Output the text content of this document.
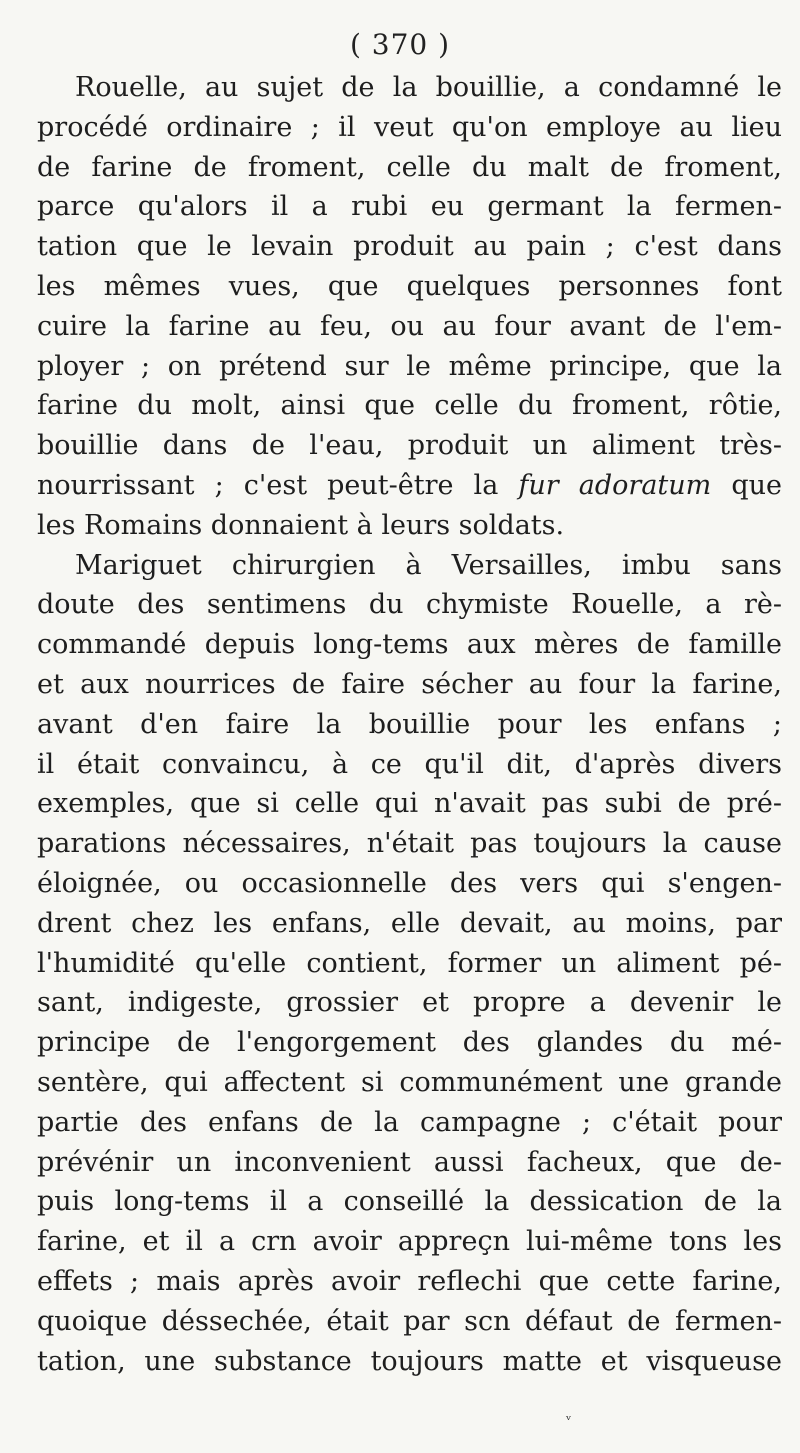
( 370 )
Rouelle, au sujet de la bouillie, a condamné le
procédé ordinaire ; il veut qu'on employe au lieu
de farine de froment, celle du malt de froment,
parce qu'alors il a rubi eu germant la fermen-
tation que le levain produit au pain ; c'est dans
les mêmes vues, que quelques personnes font
cuire la farine au feu, ou au four avant de l'em-
ployer ; on prétend sur le même principe, que la
farine du molt, ainsi que celle du froment, rôtie,
bouillie dans de l'eau, produit un aliment très-
nourrissant ; c'est peut-être la fur adoratum que
les Romains donnaient à leurs soldats.
Mariguet chirurgien à Versailles, imbu sans
doute des sentimens du chymiste Rouelle, a rè-
commandé depuis long-tems aux mères de famille
et aux nourrices de faire sécher au four la farine,
avant d'en faire la bouillie pour les enfans ;
il était convaincu, à ce qu'il dit, d'après divers
exemples, que si celle qui n'avait pas subi de pré-
parations nécessaires, n'était pas toujours la cause
éloignée, ou occasionnelle des vers qui s'engen-
drent chez les enfans, elle devait, au moins, par
l'humidité qu'elle contient, former un aliment pé-
sant, indigeste, grossier et propre a devenir le
principe de l'engorgement des glandes du mé-
sentère, qui affectent si communément une grande
partie des enfans de la campagne ; c'était pour
prévénir un inconvenient aussi facheux, que de-
puis long-tems il a conseillé la dessication de la
farine, et il a crn avoir appreçn lui-même tons les
effets ; mais après avoir reflechi que cette farine,
quoique déssechée, était par scn défaut de fermen-
tation, une substance toujours matte et visqueuse
ᵥ
